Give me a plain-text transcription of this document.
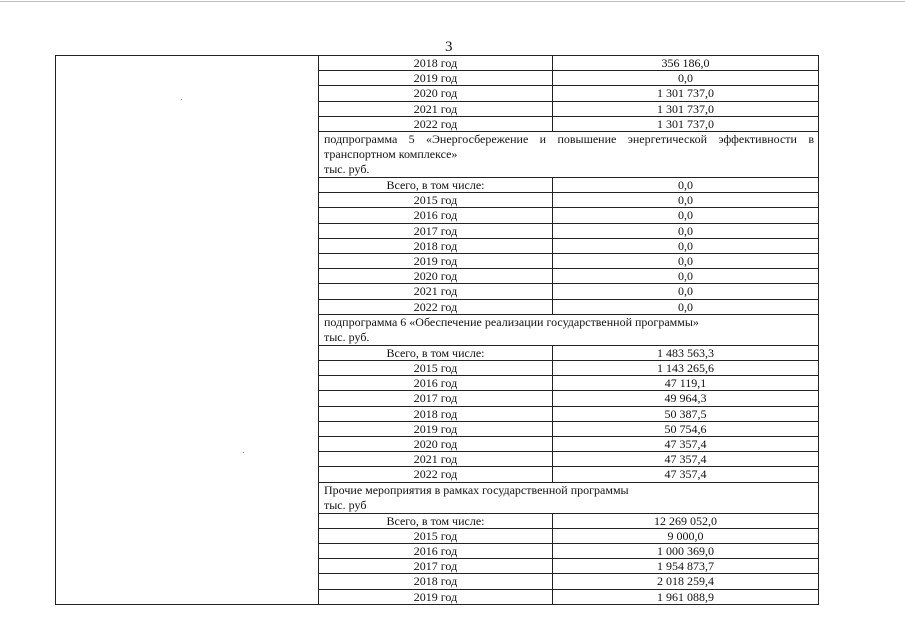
3
	2018 год	356 186,0
	2019 год	0,0
	2020 год	1 301 737,0
	2021 год	1 301 737,0
	2022 год	1 301 737,0
	подпрограмма 5 «Энергосбережение и повышение энергетической эффективности в транспортном комплексе»
тыс. руб.	

	Всего, в том числе:	0,0
	2015 год	0,0
	2016 год	0,0
	2017 год	0,0
	2018 год	0,0
	2019 год	0,0
	2020 год	0,0
	2021 год	0,0
	2022 год	0,0
	подпрограмма 6 «Обеспечение реализации государственной программы»
тыс. руб.	

	Всего, в том числе:	1 483 563,3
	2015 год	1 143 265,6
	2016 год	47 119,1
	2017 год	49 964,3
	2018 год	50 387,5
	2019 год	50 754,6
	2020 год	47 357,4
	2021 год	47 357,4
	2022 год	47 357,4
	Прочие мероприятия в рамках государственной программы
тыс. руб	

	Всего, в том числе:	12 269 052,0
	2015 год	9 000,0
	2016 год	1 000 369,0
	2017 год	1 954 873,7
	2018 год	2 018 259,4
	2019 год	1 961 088,9
